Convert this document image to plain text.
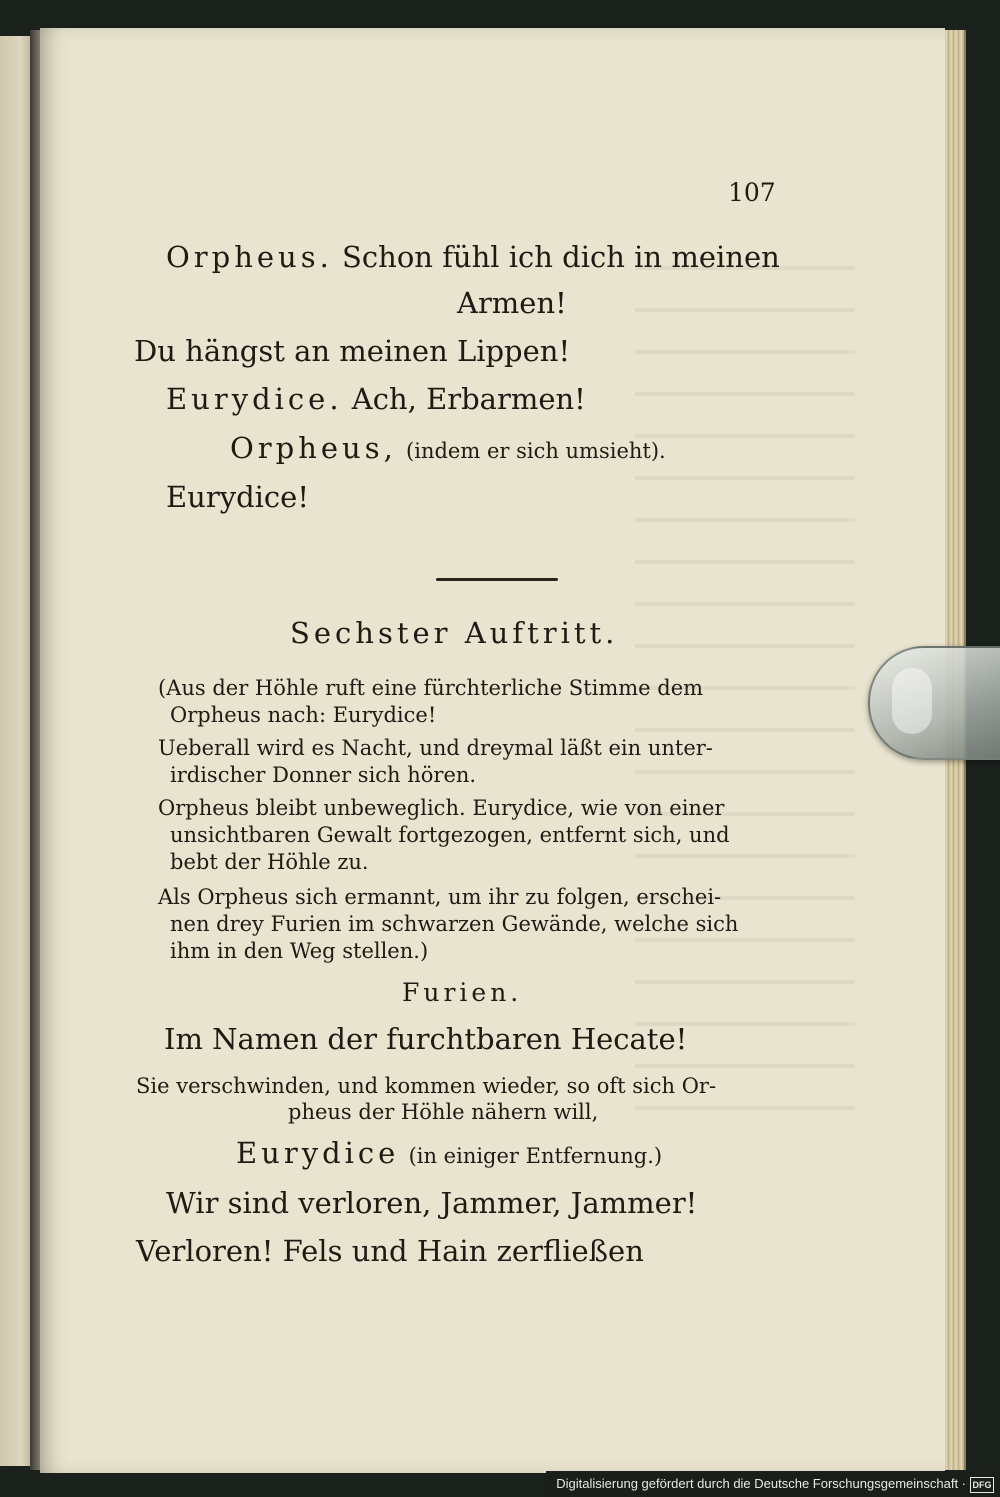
107
Orpheus. Schon fühl ich dich in meinen
Armen!
Du hängst an meinen Lippen!
Eurydice. Ach, Erbarmen!
Orpheus, (indem er sich umsieht).
Eurydice!
Sechster Auftritt.
(Aus der Höhle ruft eine fürchterliche Stimme dem
Orpheus nach: Eurydice!
Ueberall wird es Nacht, und dreymal läßt ein unter-
irdischer Donner sich hören.
Orpheus bleibt unbeweglich. Eurydice, wie von einer
unsichtbaren Gewalt fortgezogen, entfernt sich, und
bebt der Höhle zu.
Als Orpheus sich ermannt, um ihr zu folgen, erschei-
nen drey Furien im schwarzen Gewände, welche sich
ihm in den Weg stellen.)
Furien.
Im Namen der furchtbaren Hecate!
Sie verschwinden, und kommen wieder, so oft sich Or-
pheus der Höhle nähern will,
Eurydice (in einiger Entfernung.)
Wir sind verloren, Jammer, Jammer!
Verloren! Fels und Hain zerfließen
Digitalisierung gefördert durch die Deutsche Forschungsgemeinschaft · DFG
